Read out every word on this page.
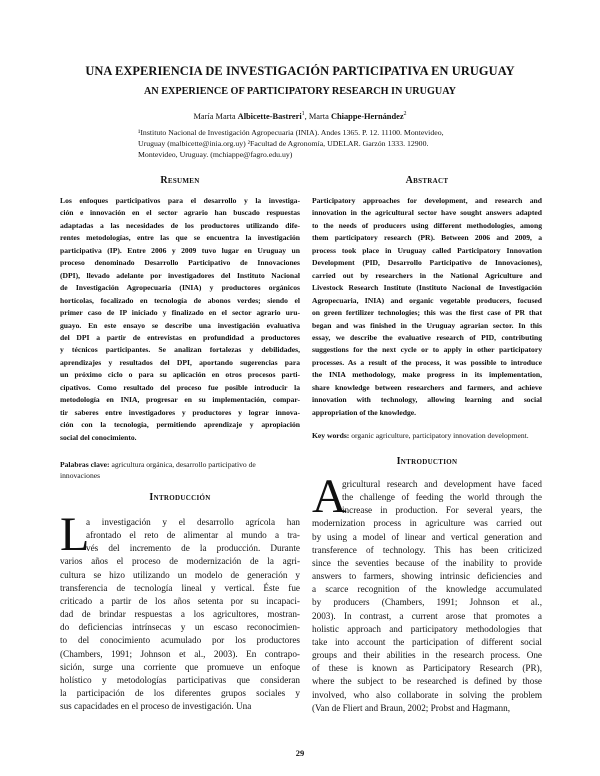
UNA EXPERIENCIA DE INVESTIGACIÓN PARTICIPATIVA EN URUGUAY
AN EXPERIENCE OF PARTICIPATORY RESEARCH IN URUGUAY
María Marta Albicette-Bastreri$^1$, Marta Chiappe-Hernández$^2$
¹Instituto Nacional de Investigación Agropecuaria (INIA). Andes 1365. P. 12. 11100. Montevideo,
Uruguay (malbicette@inia.org.uy) ²Facultad de Agronomía, UDELAR. Garzón 1333. 12900.
Montevideo, Uruguay. (mchiappe@fagro.edu.uy)
Resumen
Los enfoques participativos para el desarrollo y la investiga-
ción e innovación en el sector agrario han buscado respuestas
adaptadas a las necesidades de los productores utilizando dife-
rentes metodologías, entre las que se encuentra la investigación
participativa (IP). Entre 2006 y 2009 tuvo lugar en Uruguay un
proceso denominado Desarrollo Participativo de Innovaciones
(DPI), llevado adelante por investigadores del Instituto Nacional
de Investigación Agropecuaria (INIA) y productores orgánicos
hortícolas, focalizado en tecnología de abonos verdes; siendo el
primer caso de IP iniciado y finalizado en el sector agrario uru-
guayo. En este ensayo se describe una investigación evaluativa
del DPI a partir de entrevistas en profundidad a productores
y técnicos participantes. Se analizan fortalezas y debilidades,
aprendizajes y resultados del DPI, aportando sugerencias para
un próximo ciclo o para su aplicación en otros procesos parti-
cipativos. Como resultado del proceso fue posible introducir la
metodología en INIA, progresar en su implementación, compar-
tir saberes entre investigadores y productores y lograr innova-
ción con la tecnología, permitiendo aprendizaje y apropiación
social del conocimiento.
Palabras clave: agricultura orgánica, desarrollo participativo de
innovaciones
Abstract
Participatory approaches for development, and research and
innovation in the agricultural sector have sought answers adapted
to the needs of producers using different methodologies, among
them participatory research (PR). Between 2006 and 2009, a
process took place in Uruguay called Participatory Innovation
Development (PID, Desarrollo Participativo de Innovaciones),
carried out by researchers in the National Agriculture and
Livestock Research Institute (Instituto Nacional de Investigación
Agropecuaria, INIA) and organic vegetable producers, focused
on green fertilizer technologies; this was the first case of PR that
began and was finished in the Uruguay agrarian sector. In this
essay, we describe the evaluative research of PID, contributing
suggestions for the next cycle or to apply in other participatory
processes. As a result of the process, it was possible to introduce
the INIA methodology, make progress in its implementation,
share knowledge between researchers and farmers, and achieve
innovation with technology, allowing learning and social
appropriation of the knowledge.
Key words: organic agriculture, participatory innovation development.
Introducción
L
a investigación y el desarrollo agrícola han
afrontado el reto de alimentar al mundo a tra-
vés del incremento de la producción. Durante
varios años el proceso de modernización de la agri-
cultura se hizo utilizando un modelo de generación y
transferencia de tecnología lineal y vertical. Éste fue
criticado a partir de los años setenta por su incapaci-
dad de brindar respuestas a los agricultores, mostran-
do deficiencias intrínsecas y un escaso reconocimien-
to del conocimiento acumulado por los productores
(Chambers, 1991; Johnson et al., 2003). En contrapo-
sición, surge una corriente que promueve un enfoque
holístico y metodologías participativas que consideran
la participación de los diferentes grupos sociales y
sus capacidades en el proceso de investigación. Una
Introduction
A
gricultural research and development have faced
the challenge of feeding the world through the
increase in production. For several years, the
modernization process in agriculture was carried out
by using a model of linear and vertical generation and
transference of technology. This has been criticized
since the seventies because of the inability to provide
answers to farmers, showing intrinsic deficiencies and
a scarce recognition of the knowledge accumulated
by producers (Chambers, 1991; Johnson et al.,
2003). In contrast, a current arose that promotes a
holistic approach and participatory methodologies that
take into account the participation of different social
groups and their abilities in the research process. One
of these is known as Participatory Research (PR),
where the subject to be researched is defined by those
involved, who also collaborate in solving the problem
(Van de Fliert and Braun, 2002; Probst and Hagmann,
29
